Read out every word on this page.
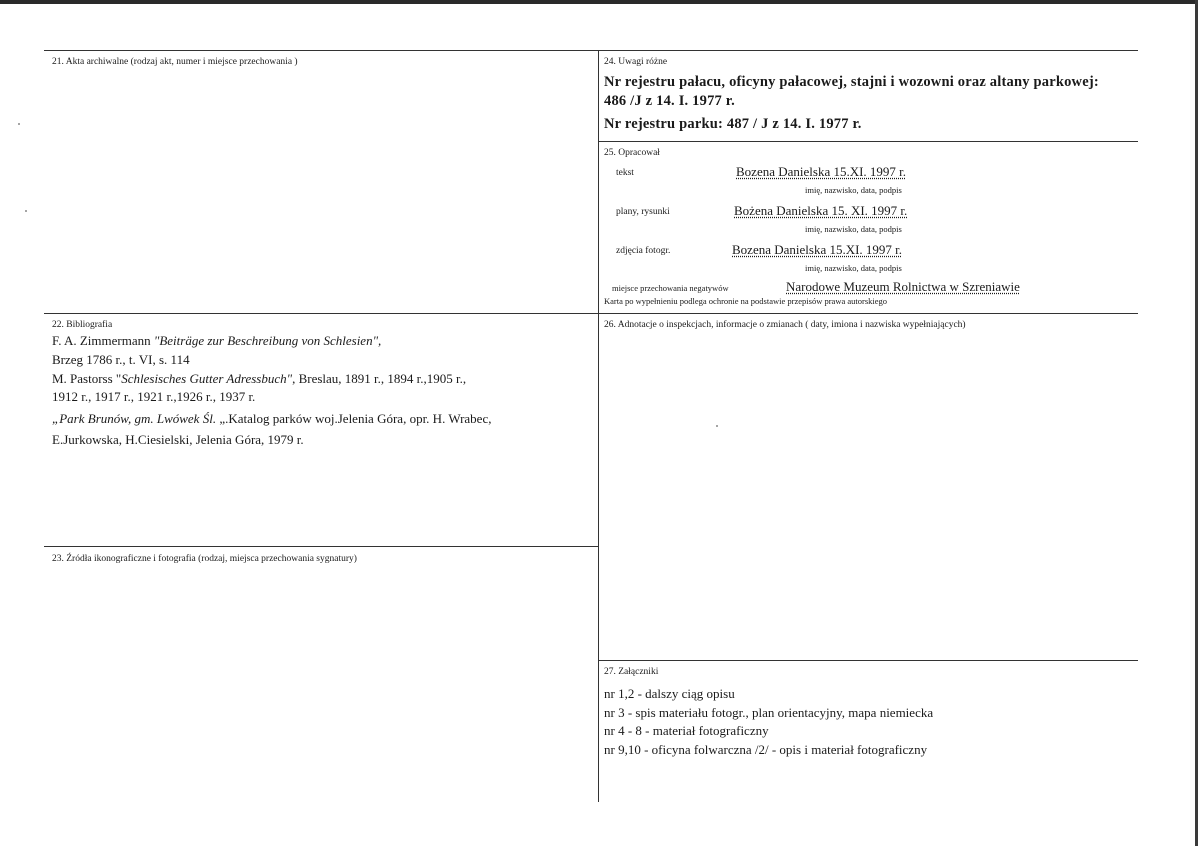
21. Akta archiwalne (rodzaj akt, numer i miejsce przechowania )
22. Bibliografia
F. A. Zimmermann "Beiträge zur Beschreibung von Schlesien",
Brzeg 1786 r., t. VI, s. 114
M. Pastorss "Schlesisches Gutter Adressbuch", Breslau, 1891 r., 1894 r.,1905 r.,
1912 r., 1917 r., 1921 r.,1926 r., 1937 r.
„Park Brunów, gm. Lwówek Śl. „.Katalog parków woj.Jelenia Góra, opr. H. Wrabec,
E.Jurkowska, H.Ciesielski, Jelenia Góra, 1979 r.
23. Źródła ikonograficzne i fotografia (rodzaj, miejsca przechowania sygnatury)
24. Uwagi różne
Nr rejestru pałacu, oficyny pałacowej, stajni i wozowni oraz altany parkowej:
486 /J z 14. I. 1977 r.
Nr rejestru parku: 487 / J z 14. I. 1977 r.
25. Opracował
tekst	Bozena Danielska 15.XI. 1997 r.
imię, nazwisko, data, podpis
plany, rysunki	Bożena Danielska 15. XI. 1997 r.
imię, nazwisko, data, podpis
zdjęcia fotogr.	Bozena Danielska 15.XI. 1997 r.
imię, nazwisko, data, podpis
miejsce przechowania negatywów	Narodowe Muzeum Rolnictwa w Szreniawie
Karta po wypełnieniu podlega ochronie na podstawie przepisów prawa autorskiego
26. Adnotacje o inspekcjach, informacje o zmianach ( daty, imiona i nazwiska wypełniających)
27. Załączniki
nr 1,2 - dalszy ciąg opisu
nr 3 - spis materiału fotogr., plan orientacyjny, mapa niemiecka
nr 4 - 8 - materiał fotograficzny
nr 9,10 - oficyna folwarczna /2/ - opis i materiał fotograficzny
